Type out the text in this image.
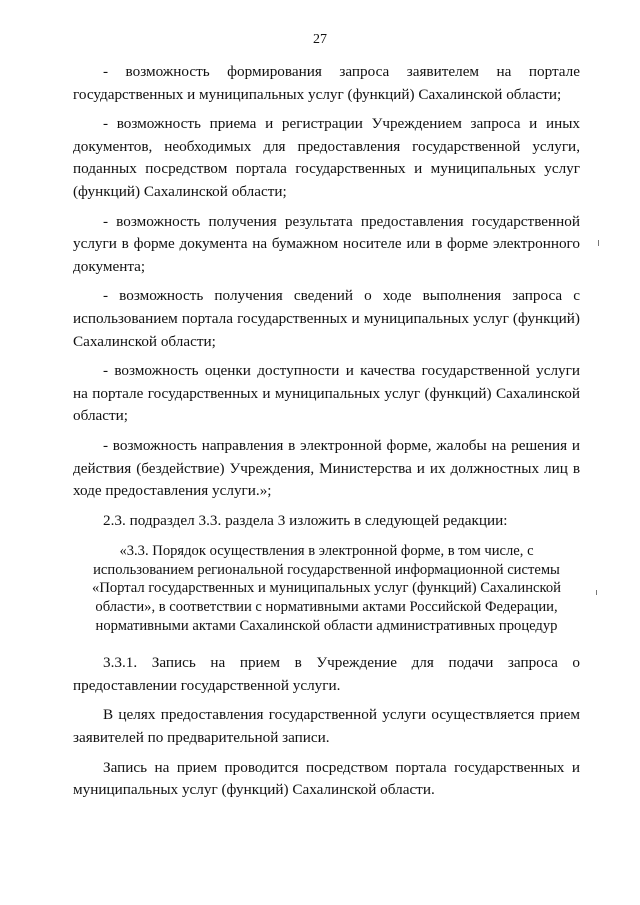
27

- возможность формирования запроса заявителем на портале государственных и муниципальных услуг (функций) Сахалинской области;

- возможность приема и регистрации Учреждением запроса и иных документов, необходимых для предоставления государственной услуги, поданных посредством портала государственных и муниципальных услуг (функций) Сахалинской области;

- возможность получения результата предоставления государственной услуги в форме документа на бумажном носителе или в форме электронного документа;

- возможность получения сведений о ходе выполнения запроса с использованием портала государственных и муниципальных услуг (функций) Сахалинской области;

- возможность оценки доступности и качества государственной услуги на портале государственных и муниципальных услуг (функций) Сахалинской области;

- возможность направления в электронной форме, жалобы на решения и действия (бездействие) Учреждения, Министерства и их должностных лиц в ходе предоставления услуги.»;

2.3. подраздел 3.3. раздела 3 изложить в следующей редакции:

«3.3. Порядок осуществления в электронной форме, в том числе, с использованием региональной государственной информационной системы «Портал государственных и муниципальных услуг (функций) Сахалинской области», в соответствии с нормативными актами Российской Федерации, нормативными актами Сахалинской области административных процедур

3.3.1. Запись на прием в Учреждение для подачи запроса о предоставлении государственной услуги.

В целях предоставления государственной услуги осуществляется прием заявителей по предварительной записи.

Запись на прием проводится посредством портала государственных и муниципальных услуг (функций) Сахалинской области.
